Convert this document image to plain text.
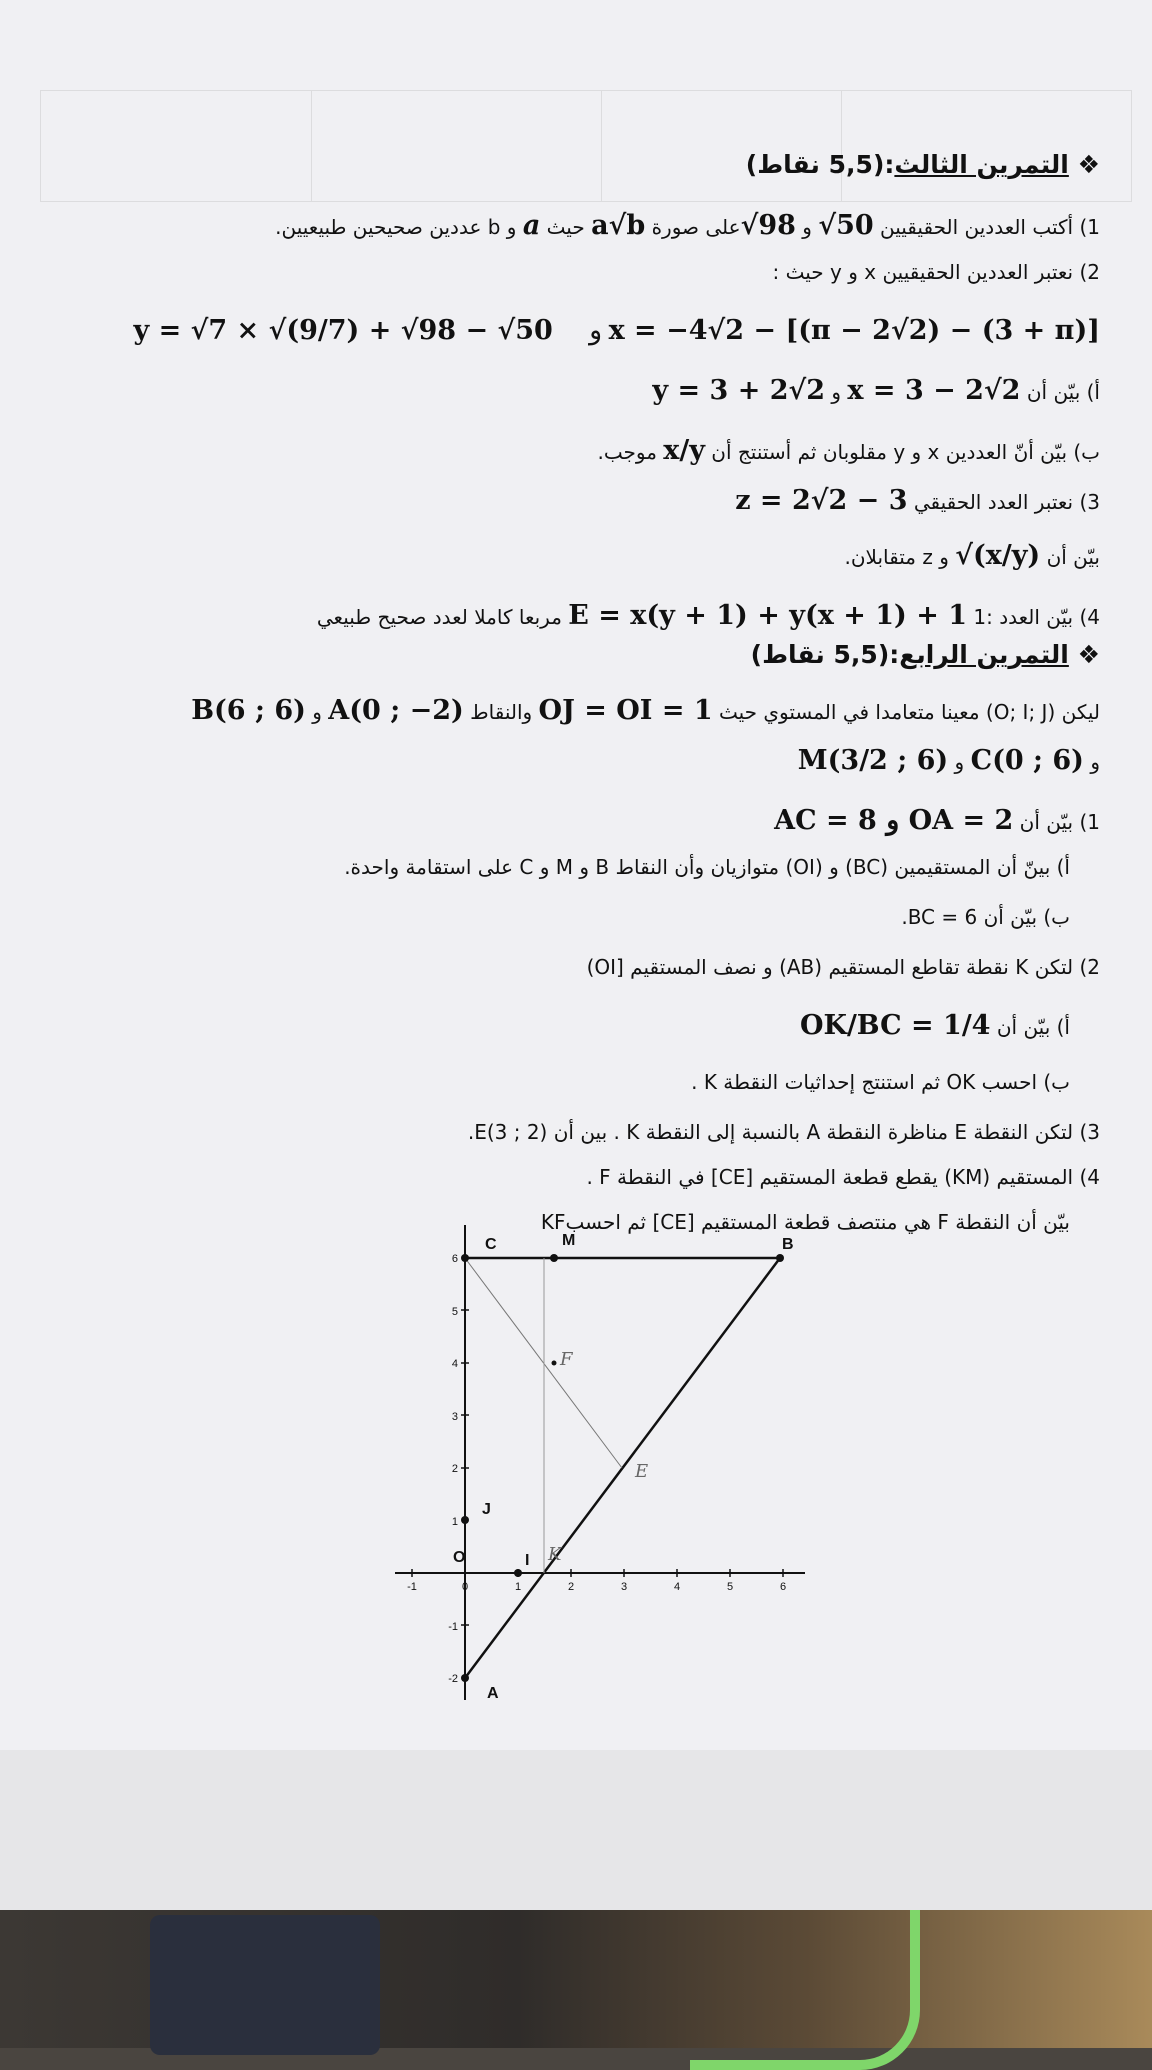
❖ التمرين الثالث:(5,5 نقاط)
1) أكتب العددين الحقيقيين √50 و √98على صورة a√b حيث a و b عددين صحيحين طبيعيين.
2) نعتبر العددين الحقيقيين x و y حيث :
x = −4√2 − [(π − 2√2) − (3 + π)] و y = √7 × √(9/7) + √98 − √50
أ) بيّن أن x = 3 − 2√2 و y = 3 + 2√2
ب) بيّن أنّ العددين x و y مقلوبان ثم أستنتج أن x/y موجب.
3) نعتبر العدد الحقيقي z = 2√2 − 3
بيّن أن √(x/y) و z متقابلان.
4) بيّن العدد :1 E = x(y + 1) + y(x + 1) + 1 مربعا كاملا لعدد صحيح طبيعي
❖ التمرين الرابع:(5,5 نقاط)
ليكن (O; I; J) معينا متعامدا في المستوي حيث OJ = OI = 1 والنقاط A(0 ; −2) و B(6 ; 6)
و C(0 ; 6) و M(3/2 ; 6)
1) بيّن أن AC = 8 و OA = 2
أ) بينّ أن المستقيمين (BC) و (OI) متوازيان وأن النقاط B و M و C على استقامة واحدة.
ب) بيّن أن BC = 6.
2) لتكن K نقطة تقاطع المستقيم (AB) و نصف المستقيم [OI)
أ) بيّن أن OK/BC = 1/4
ب) احسب OK ثم استنتج إحداثيات النقطة K .
3) لتكن النقطة E مناظرة النقطة A بالنسبة إلى النقطة K . بين أن E(3 ; 2).
4) المستقيم (KM) يقطع قطعة المستقيم [CE] في النقطة F .
بيّن أن النقطة F هي منتصف قطعة المستقيم [CE] ثم احسبKF
C	M	B
O	I
J
A
-1	0	1	2	3	4	5	6
6
5
4
3
2
1
-1
-2
F
E
K
